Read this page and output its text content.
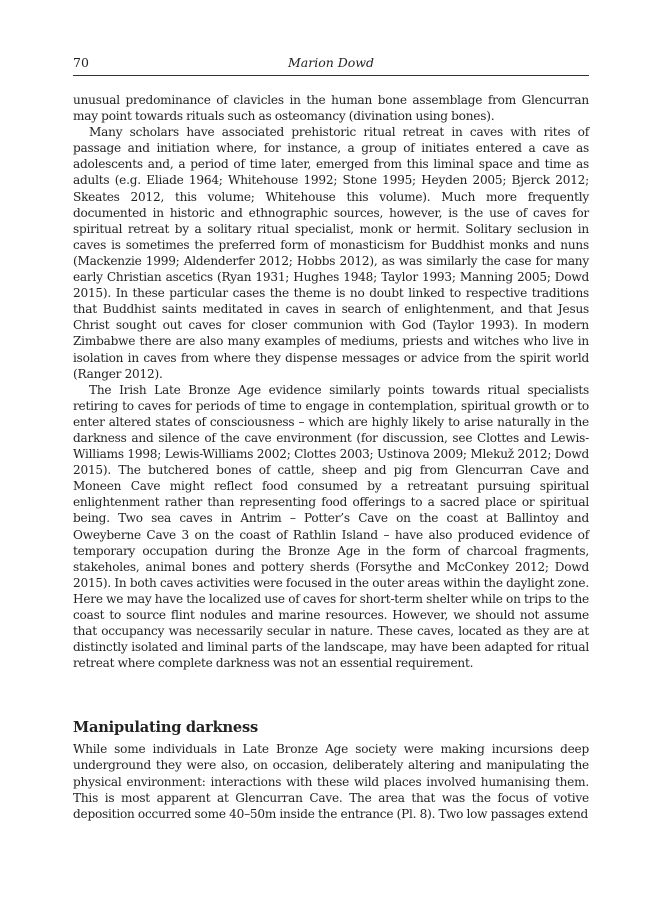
70	Marion Dowd

unusual predominance of clavicles in the human bone assemblage from Glencurran may point towards rituals such as osteomancy (divination using bones).

Many scholars have associated prehistoric ritual retreat in caves with rites of passage and initiation where, for instance, a group of initiates entered a cave as adolescents and, a period of time later, emerged from this liminal space and time as adults (e.g. Eliade 1964; Whitehouse 1992; Stone 1995; Heyden 2005; Bjerck 2012; Skeates 2012, this volume; Whitehouse this volume). Much more frequently documented in historic and ethnographic sources, however, is the use of caves for spiritual retreat by a solitary ritual specialist, monk or hermit. Solitary seclusion in caves is sometimes the preferred form of monasticism for Buddhist monks and nuns (Mackenzie 1999; Aldenderfer 2012; Hobbs 2012), as was similarly the case for many early Christian ascetics (Ryan 1931; Hughes 1948; Taylor 1993; Manning 2005; Dowd 2015). In these particular cases the theme is no doubt linked to respective traditions that Buddhist saints meditated in caves in search of enlightenment, and that Jesus Christ sought out caves for closer communion with God (Taylor 1993). In modern Zimbabwe there are also many examples of mediums, priests and witches who live in isolation in caves from where they dispense messages or advice from the spirit world (Ranger 2012).

The Irish Late Bronze Age evidence similarly points towards ritual specialists retiring to caves for periods of time to engage in contemplation, spiritual growth or to enter altered states of consciousness – which are highly likely to arise naturally in the darkness and silence of the cave environment (for discussion, see Clottes and Lewis-Williams 1998; Lewis-Williams 2002; Clottes 2003; Ustinova 2009; Mlekuž 2012; Dowd 2015). The butchered bones of cattle, sheep and pig from Glencurran Cave and Moneen Cave might reflect food consumed by a retreatant pursuing spiritual enlightenment rather than representing food offerings to a sacred place or spiritual being. Two sea caves in Antrim – Potter’s Cave on the coast at Ballintoy and Oweyberne Cave 3 on the coast of Rathlin Island – have also produced evidence of temporary occupation during the Bronze Age in the form of charcoal fragments, stakeholes, animal bones and pottery sherds (Forsythe and McConkey 2012; Dowd 2015). In both caves activities were focused in the outer areas within the daylight zone. Here we may have the localized use of caves for short-term shelter while on trips to the coast to source flint nodules and marine resources. However, we should not assume that occupancy was necessarily secular in nature. These caves, located as they are at distinctly isolated and liminal parts of the landscape, may have been adapted for ritual retreat where complete darkness was not an essential requirement.

Manipulating darkness

While some individuals in Late Bronze Age society were making incursions deep underground they were also, on occasion, deliberately altering and manipulating the physical environment: interactions with these wild places involved humanising them. This is most apparent at Glencurran Cave. The area that was the focus of votive deposition occurred some 40–50m inside the entrance (Pl. 8). Two low passages extend
